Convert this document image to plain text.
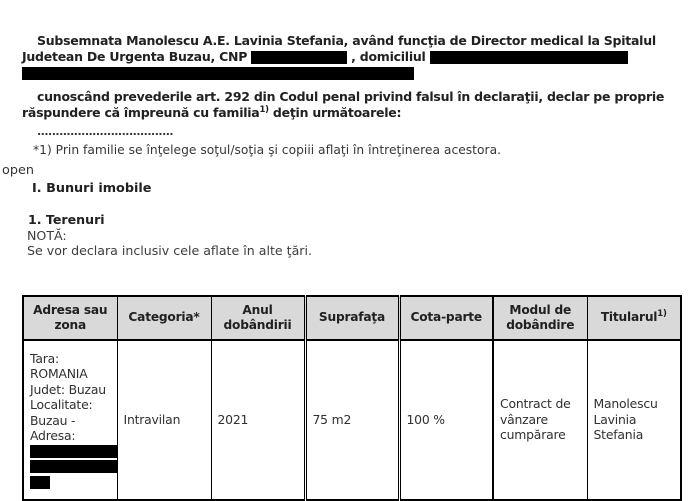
Subsemnata Manolescu A.E. Lavinia Stefania, având funcţia de Director medical la Spitalul
Judetean De Urgenta Buzau, CNP	, domiciliul
cunoscând prevederile art. 292 din Codul penal privind falsul în declaraţii, declar pe proprie
răspundere că împreună cu familia$^{1)}$ deţin următoarele:
.....................................
*1) Prin familie se înţelege soţul/soţia şi copiii aflaţi în întreţinerea acestora.
open
I. Bunuri imobile
1. Terenuri
NOTĂ:
Se vor declara inclusiv cele aflate în alte ţări.
Adresa sau zona	Categoria*	Anul dobândirii	Suprafaţa	Cota-parte	Modul de dobândire	Titularul$^{1)}$

Tara:
ROMANIA
Judet: Buzau
Localitate:
Buzau -
Adresa:
	Intravilan	2021	75 m2	100 %	Contract de vânzare cumpărare	Manolescu Lavinia Stefania
